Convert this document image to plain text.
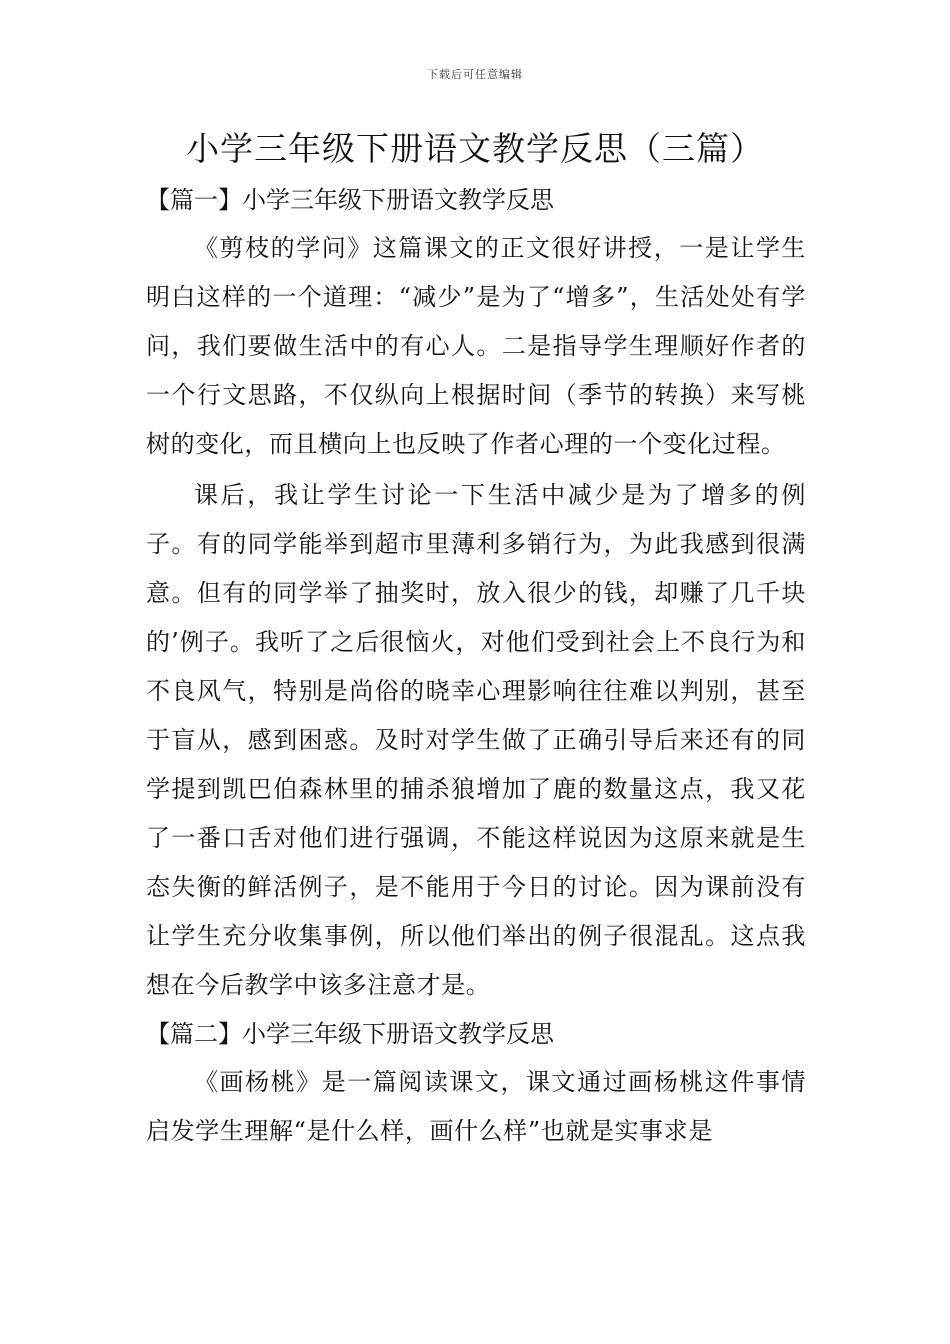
下载后可任意编辑
小学三年级下册语文教学反思（三篇）

【篇一】小学三年级下册语文教学反思

《剪枝的学问》这篇课文的正文很好讲授，一是让学生明白这样的一个道理：“减少”是为了“增多”，生活处处有学问，我们要做生活中的有心人。二是指导学生理顺好作者的一个行文思路，不仅纵向上根据时间（季节的转换）来写桃树的变化，而且横向上也反映了作者心理的一个变化过程。

课后，我让学生讨论一下生活中减少是为了增多的例子。有的同学能举到超市里薄利多销行为，为此我感到很满意。但有的同学举了抽奖时，放入很少的钱，却赚了几千块的’例子。我听了之后很恼火，对他们受到社会上不良行为和不良风气，特别是尚俗的晓幸心理影响往往难以判别，甚至于盲从，感到困惑。及时对学生做了正确引导后来还有的同学提到凯巴伯森林里的捕杀狼增加了鹿的数量这点，我又花了一番口舌对他们进行强调，不能这样说因为这原来就是生态失衡的鲜活例子，是不能用于今日的讨论。因为课前没有让学生充分收集事例，所以他们举出的例子很混乱。这点我想在今后教学中该多注意才是。

【篇二】小学三年级下册语文教学反思

《画杨桃》是一篇阅读课文，课文通过画杨桃这件事情启发学生理解“是什么样，画什么样”也就是实事求是
